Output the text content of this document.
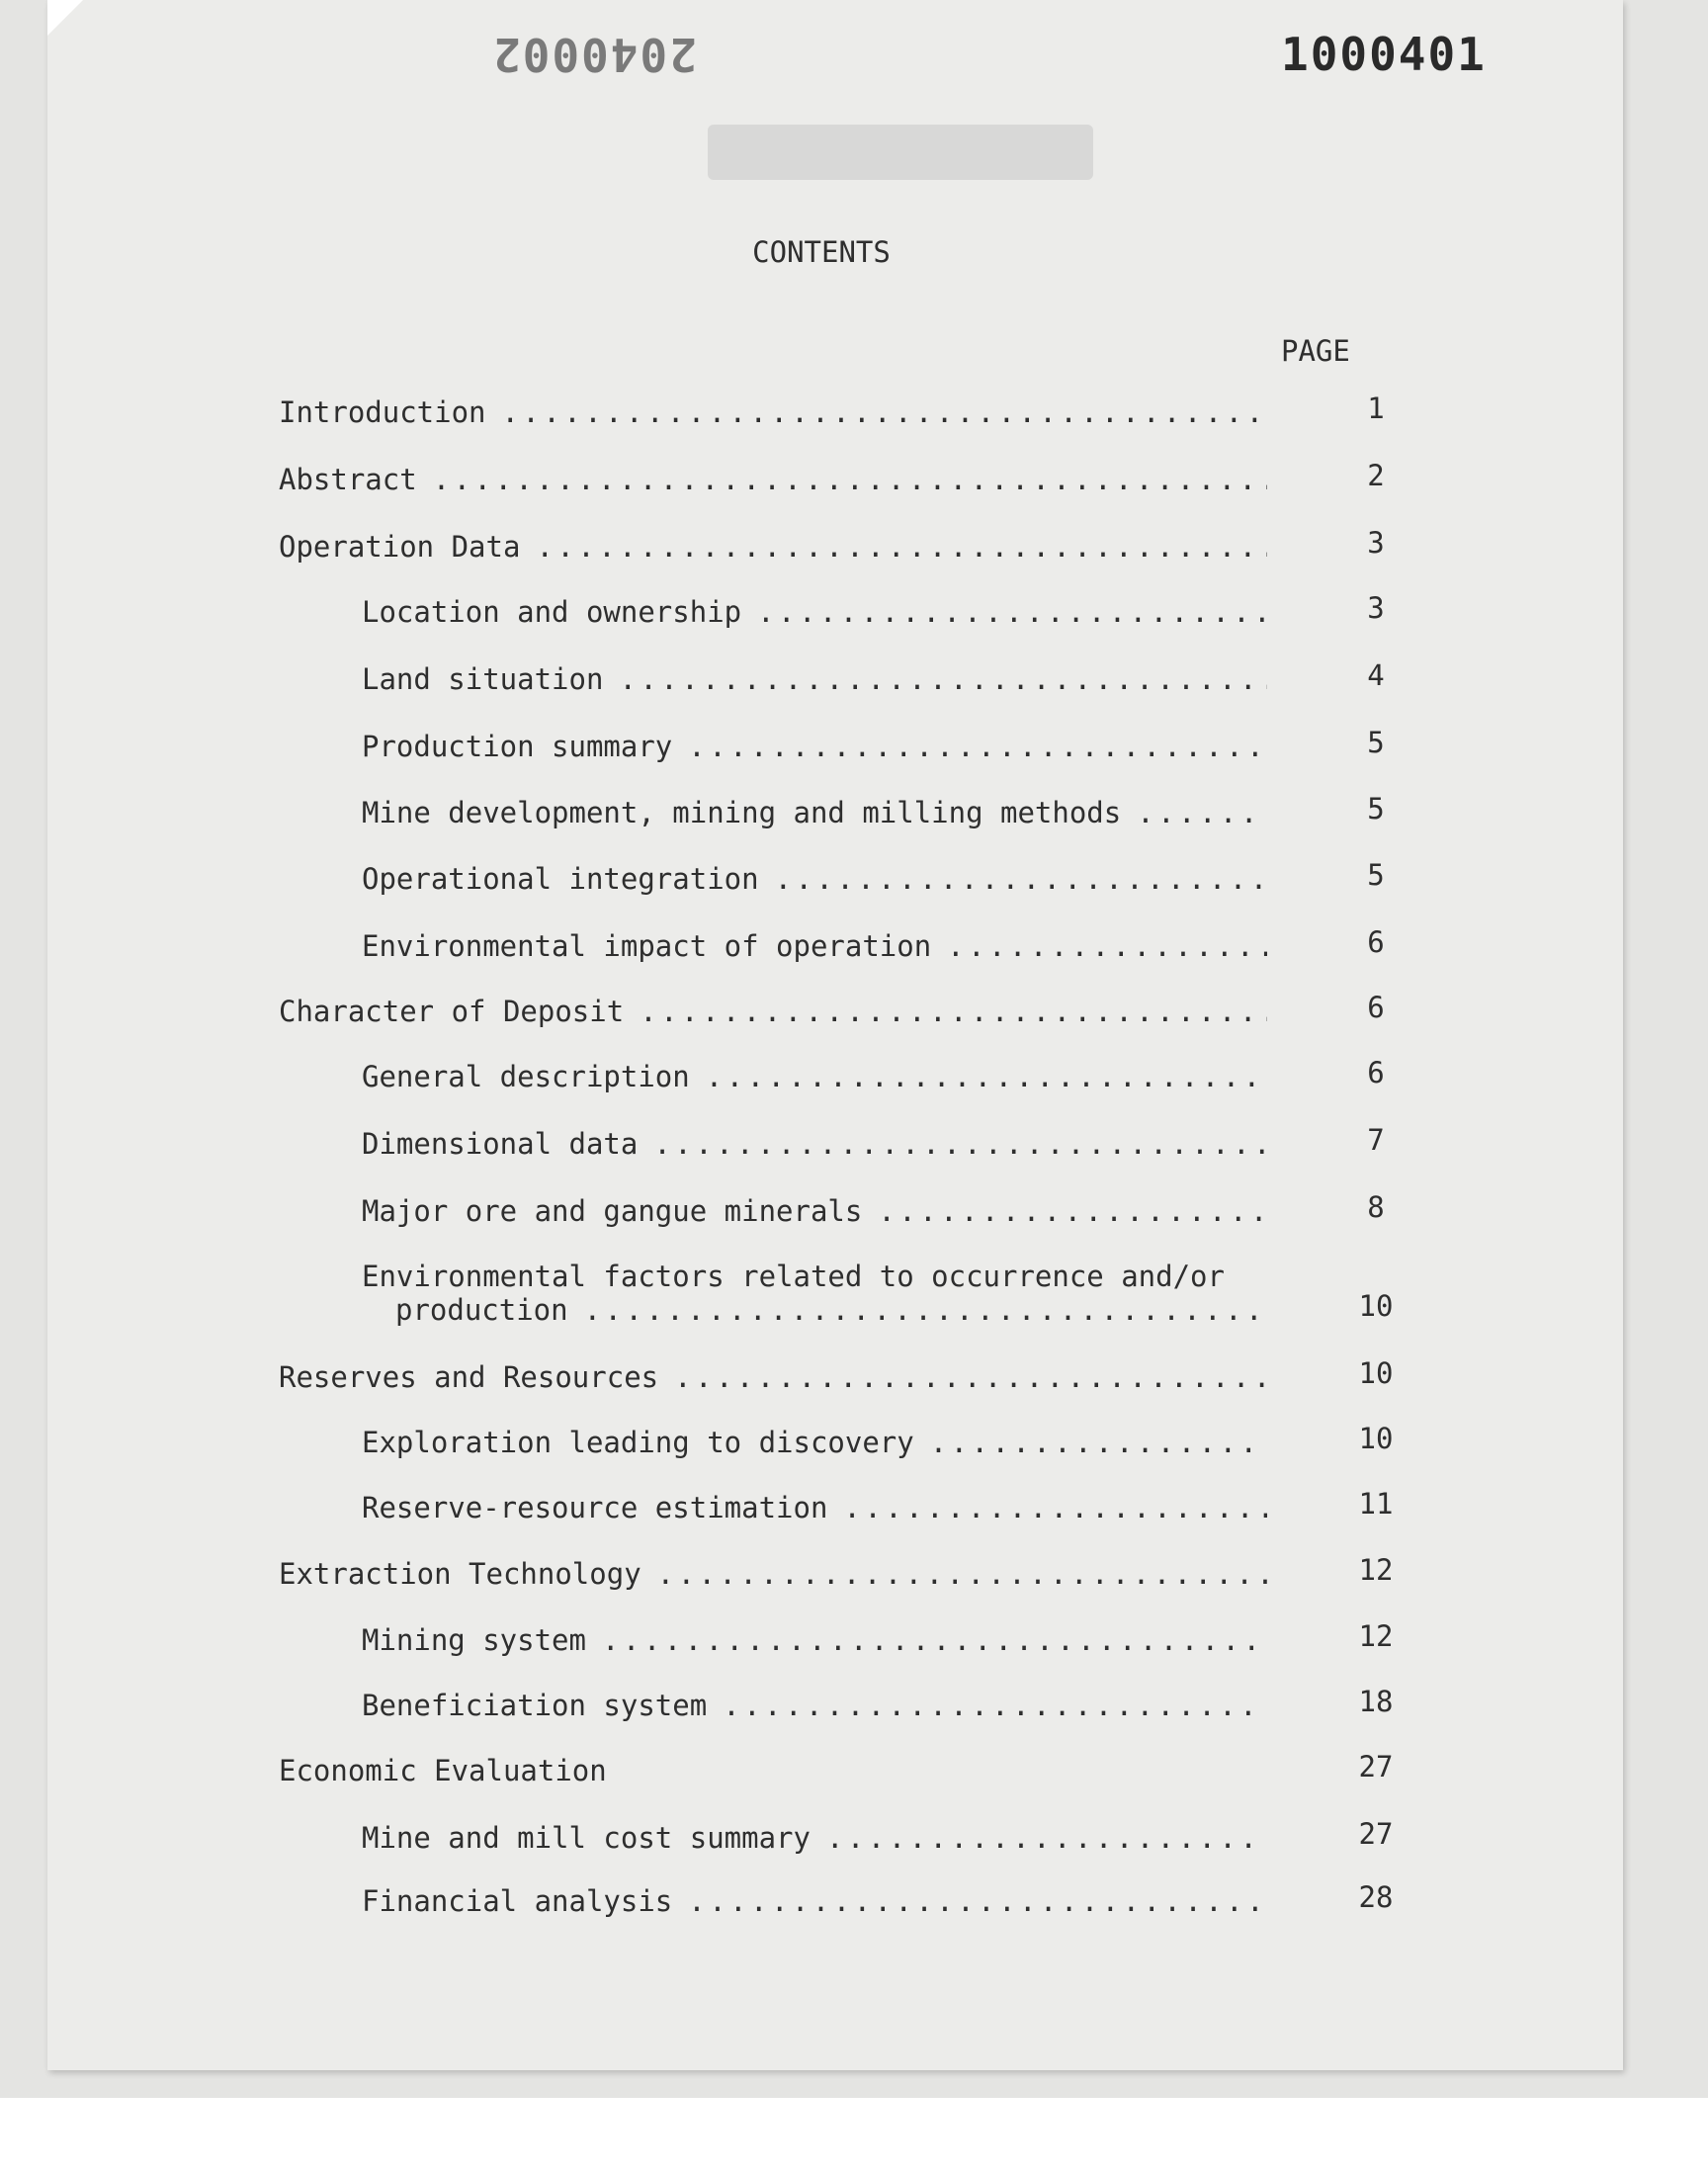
2040002	1000401
CONTENTS
PAGE
Introduction . . .	1
Abstract . . .	2
Operation Data . . .	3
Location and ownership . . .	3
Land situation . . .	4
Production summary . . .	5
Mine development, mining and milling methods . . .	5
Operational integration . . .	5
Environmental impact of operation . . .	6
Character of Deposit . . .	6
General description . . .	6
Dimensional data . . .	7
Major ore and gangue minerals . . .	8
Environmental factors related to occurrence and/or
production . . .	10
Reserves and Resources . . .	10
Exploration leading to discovery . . .	10
Reserve-resource estimation . . .	11
Extraction Technology . . .	12
Mining system . . .	12
Beneficiation system . . .	18
Economic Evaluation	27
Mine and mill cost summary . . .	27
Financial analysis . . .	28
